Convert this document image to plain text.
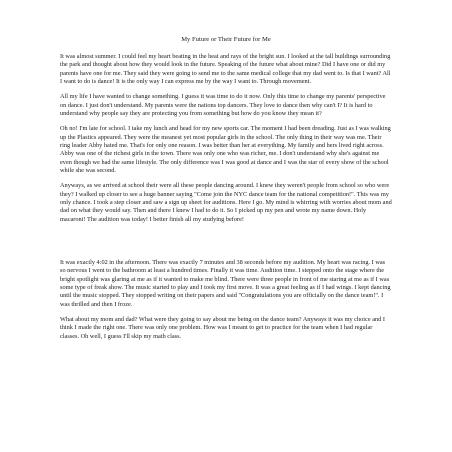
My Future or Their Future for Me

It was almost summer. I could feel my heart beating in the heat and rays of the bright sun. I looked at the tall buildings surrounding the park and thought about how they would look in the future. Speaking of the future what about mine? Did I have one or did my parents have one for me. They said they were going to send me to the same medical college that my dad went to. Is that I want? All I want to do is dance! It is the only way I can express me by the way I want to. Through movement.

All my life I have wanted to change something. I guess it was time to do it now. Only this time to change my parents' perspective on dance. I just don't understand. My parents were the nations top dancers. They love to dance then why can't I? It is hard to understand why people say they are protecting you from something but how do you know they mean it?

Oh no! I'm late for school. I take my lunch and head for my new sports car. The moment I had been dreading. Just as I was walking up the Plastics appeared. They were the meanest yet most popular girls in the school. The only thing in their way was me. Their ring leader Abby hated me. That's for only one reason. I was better than her at everything. My family and hers lived right across. Abby was one of the richest girls in the town. There was only one who was richer, me. I don't understand why she's against me even though we had the same lifestyle. The only difference was I was good at dance and I was the star of every show of the school while she was second.

Anyways, as we arrived at school their were all these people dancing around. I knew they weren't people from school so who were they? I walked up closer to see a huge banner saying "Come join the NYC dance team for the national competition!". This was my only chance. I took a step closer and saw a sign up sheet for auditions. Here I go. My mind is whirring with worries about mom and dad on what they would say. Then and there I knew I had to do it. So I picked up my pen and wrote my name down. Holy macaroni! The audition was today! I better finish all my studying before!

It was exactly 4:02 in the afternoon. There was exactly 7 minutes and 38 seconds before my audition. My heart was racing. I was so nervous I went to the bathroom at least a hundred times. Finally it was time. Audition time. I stepped onto the stage where the bright spotlight was glaring at me as if it wanted to make me blind. There were three people in front of me staring at me as if I was some type of freak show. The music started to play and I took my first move. It was a great feeling as if I had wings. I kept dancing until the music stopped. They stopped writing on their papers and said "Congratulations you are officially on the dance team!". I was thrilled and then I froze.

What about my mom and dad? What were they going to say about me being on the dance team? Anyways it was my choice and I think I made the right one. There was only one problem. How was I meant to get to practice for the team when I had regular classes. Oh well, I guess I'll skip my math class.
